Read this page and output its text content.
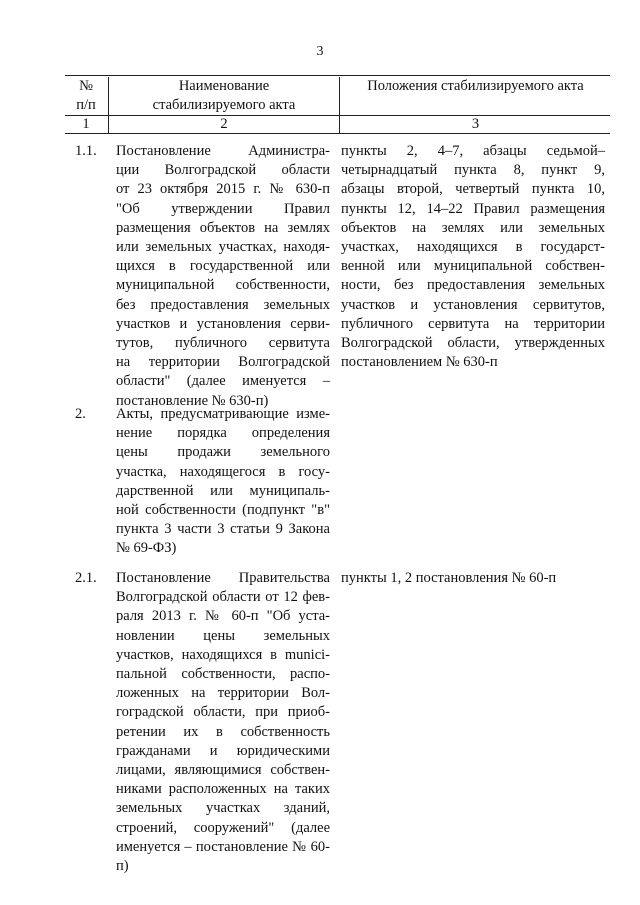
3
№
п/п
Наименование
стабилизируемого акта
Положения стабилизируемого акта
1	2	3
1.1. Постановление Администра-
ции Волгоградской области
от 23 октября 2015 г. № 630-п
"Об утверждении Правил
размещения объектов на землях
или земельных участках, находя-
щихся в государственной или
муниципальной собственности,
без предоставления земельных
участков и установления серви-
тутов, публичного сервитута
на территории Волгоградской
области" (далее именуется –
постановление № 630-п)
пункты 2, 4–7, абзацы седьмой–
четырнадцатый пункта 8, пункт 9,
абзацы второй, четвертый пункта 10,
пункты 12, 14–22 Правил размещения
объектов на землях или земельных
участках, находящихся в государст-
венной или муниципальной собствен-
ности, без предоставления земельных
участков и установления сервитутов,
публичного сервитута на территории
Волгоградской области, утвержденных
постановлением № 630-п
2. Акты, предусматривающие изме-
нение порядка определения
цены продажи земельного
участка, находящегося в госу-
дарственной или муниципаль-
ной собственности (подпункт "в"
пункта 3 части 3 статьи 9 Закона
№ 69-ФЗ)
2.1. Постановление Правительства
Волгоградской области от 12 фев-
раля 2013 г. № 60-п "Об уста-
новлении цены земельных
участков, находящихся в munici-
пальной собственности, распо-
ложенных на территории Вол-
гоградской области, при приоб-
ретении их в собственность
гражданами и юридическими
лицами, являющимися собствен-
никами расположенных на таких
земельных участках зданий,
строений, сооружений" (далее
именуется – постановление № 60-п)
пункты 1, 2 постановления № 60-п
